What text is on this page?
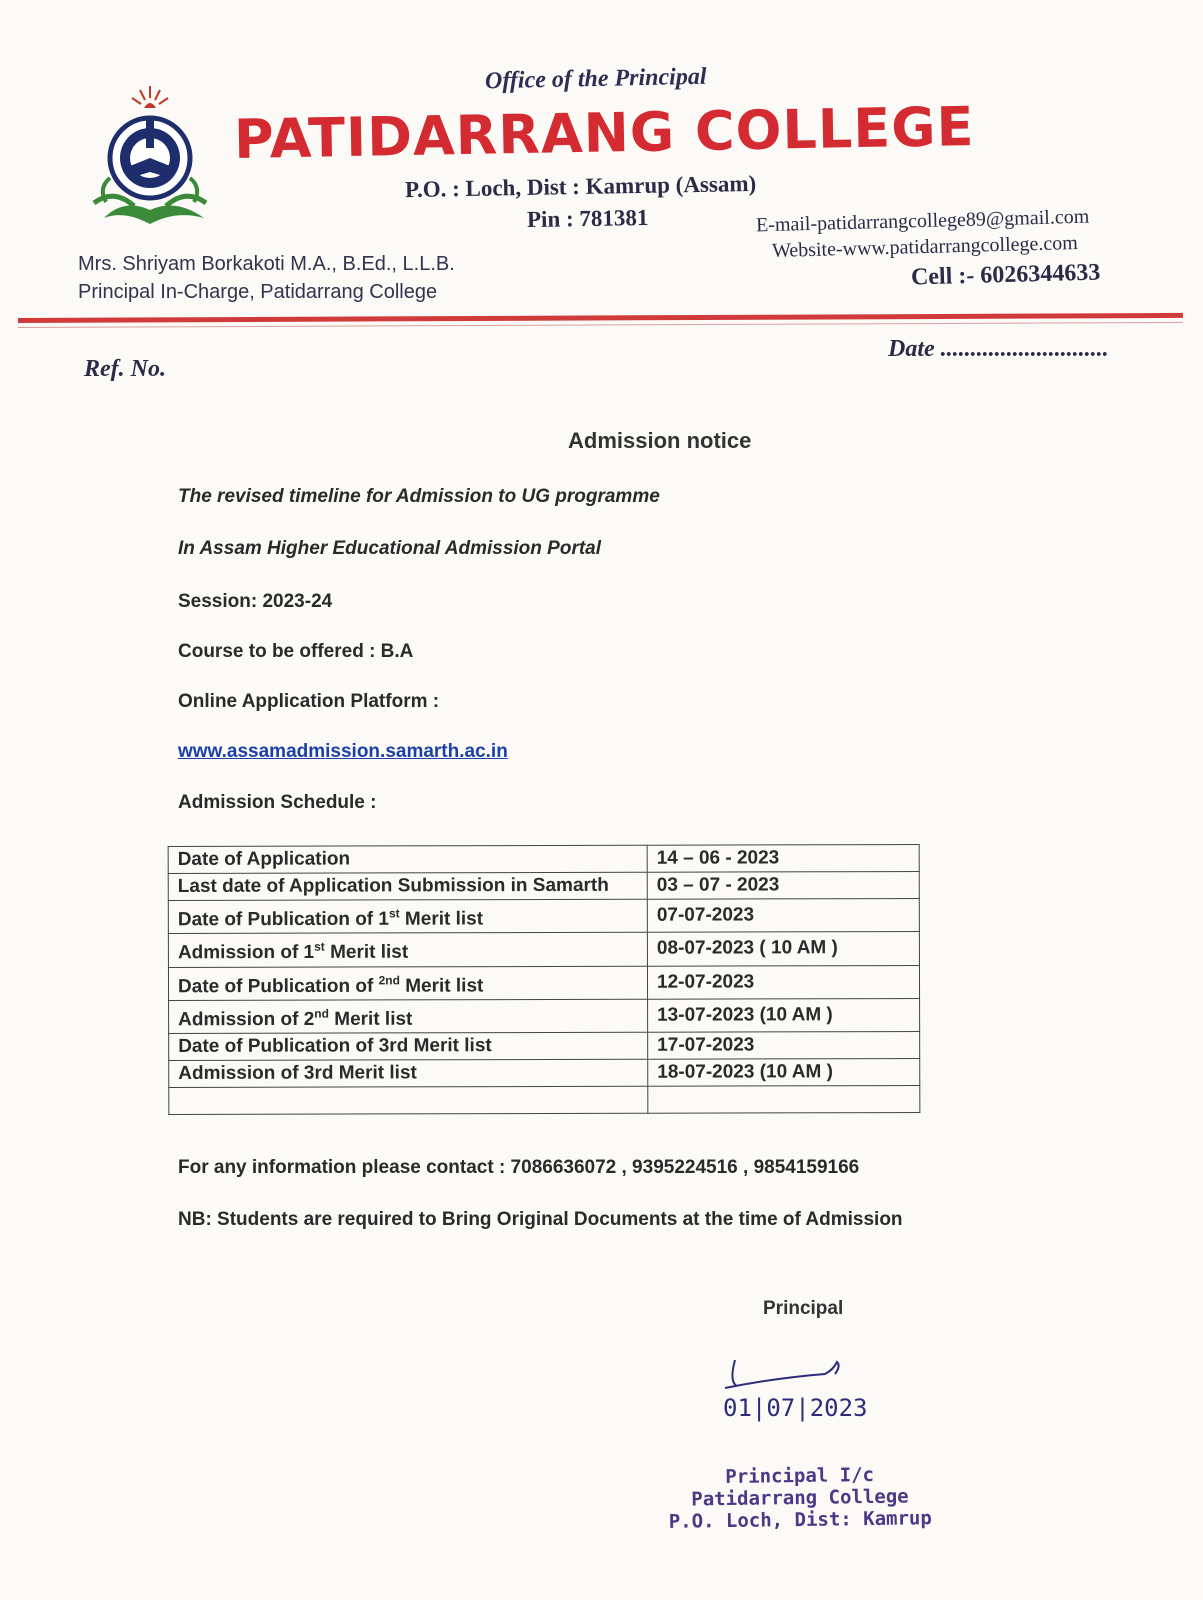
Office of the Principal
PATIDARRANG COLLEGE
P.O. : Loch, Dist : Kamrup (Assam)
Pin : 781381	E-mail-patidarrangcollege89@gmail.com
Website-www.patidarrangcollege.com
Cell :- 6026344633
Mrs. Shriyam Borkakoti M.A., B.Ed., L.L.B.
Principal In-Charge, Patidarrang College
Ref. No.
Date ............................
Admission notice
The revised timeline for Admission to UG programme
In Assam Higher Educational Admission Portal
Session: 2023-24
Course to be offered : B.A
Online Application Platform :
www.assamadmission.samarth.ac.in
Admission Schedule :
Date of Application	14 – 06 - 2023
Last date of Application Submission in Samarth	03 – 07 - 2023
Date of Publication of 1st Merit list	07-07-2023
Admission of 1st Merit list	08-07-2023 ( 10 AM )
Date of Publication of $^{2nd}$ Merit list	12-07-2023
Admission of 2nd Merit list	13-07-2023 (10 AM )
Date of Publication of 3rd Merit list	17-07-2023
Admission of 3rd Merit list	18-07-2023 (10 AM )

For any information please contact : 7086636072 , 9395224516 , 9854159166
NB: Students are required to Bring Original Documents at the time of Admission
Principal
01|07|2023
Principal I/c
Patidarrang College
P.O. Loch, Dist: Kamrup
